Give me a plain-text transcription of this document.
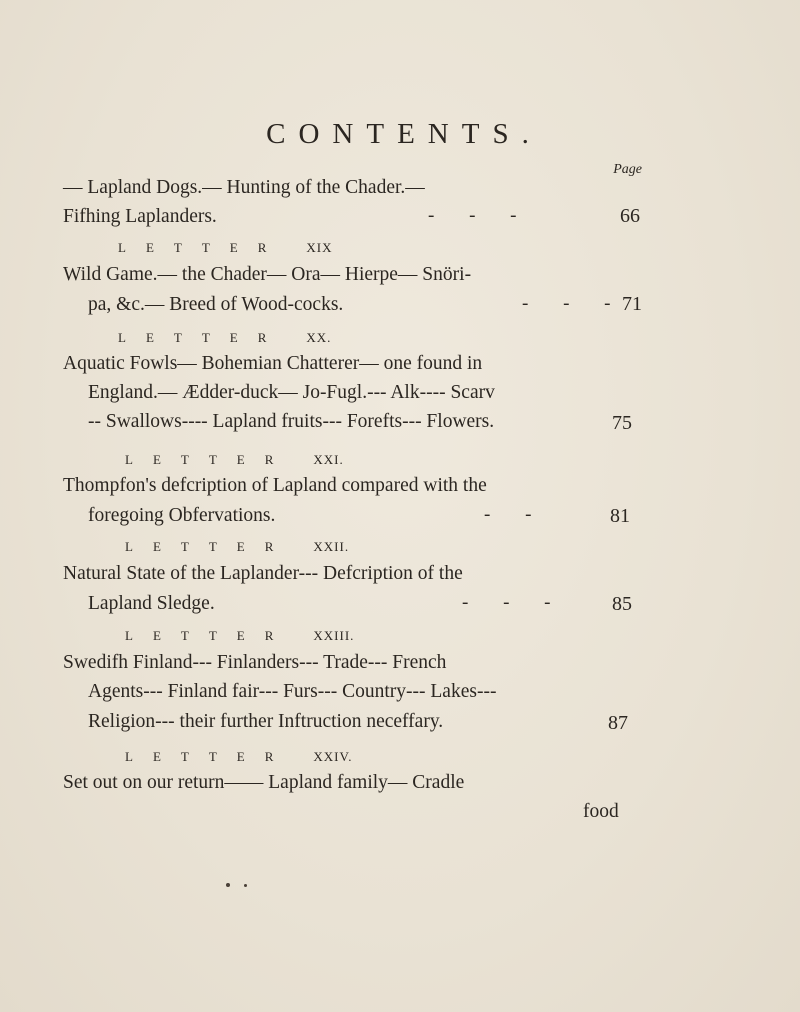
CONTENTS.
Page
— Lapland Dogs.— Hunting of the Chader.—
Fifhing Laplanders.	- - -	66
LETTER XIX
Wild Game.— the Chader— Ora— Hierpe— Snöri-
pa, &c.— Breed of Wood-cocks.	- - - 71
LETTER XX.
Aquatic Fowls— Bohemian Chatterer— one found in
England.— Ædder-duck— Jo-Fugl.--- Alk---- Scarv
-- Swallows---- Lapland fruits--- Forefts--- Flowers.	75
LETTER XXI.
Thompfon's defcription of Lapland compared with the
foregoing Obfervations.	- -	81
LETTER XXII.
Natural State of the Laplander--- Defcription of the
Lapland Sledge.	- - -	85
LETTER XXIII.
Swedifh Finland--- Finlanders--- Trade--- French
Agents--- Finland fair--- Furs--- Country--- Lakes---
Religion--- their further Inftruction neceffary.	87
LETTER XXIV.
Set out on our return—— Lapland family— Cradle
food
